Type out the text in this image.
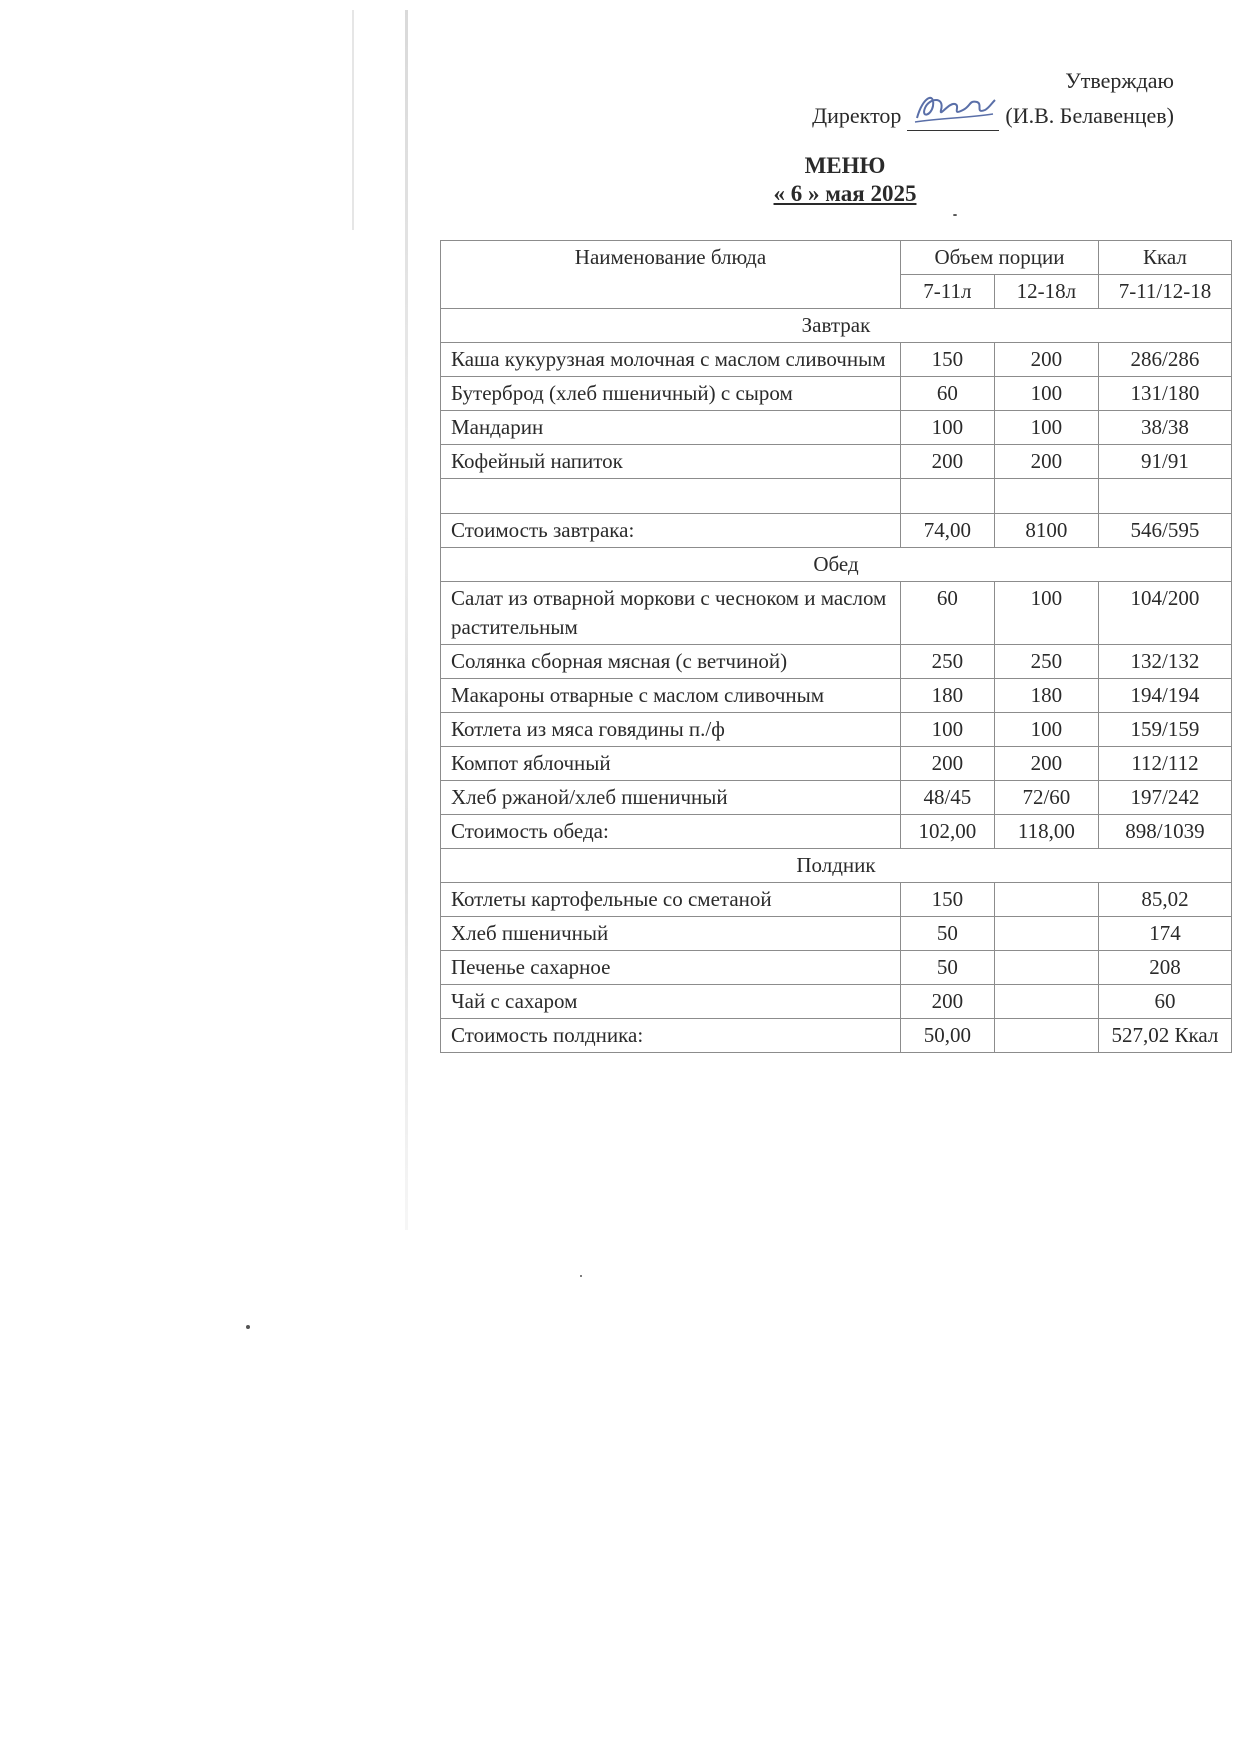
Утверждаю
Директор	(И.В. Белавенцев)
МЕНЮ
« 6 » мая 2025
Наименование блюда	Объем порции		Ккал
	7-11л	12-18л	7-11/12-18
Завтрак			
Каша кукурузная молочная с маслом сливочным	150	200	286/286
Бутерброд (хлеб пшеничный) с сыром	60	100	131/180
Мандарин	100	100	38/38
Кофейный напиток	200	200	91/91

Стоимость завтрака:	74,00	8100	546/595
Обед			
Салат из отварной моркови с чесноком и маслом растительным	60	100	104/200
Солянка сборная мясная (с ветчиной)	250	250	132/132
Макароны отварные с маслом сливочным	180	180	194/194
Котлета из мяса говядины п./ф	100	100	159/159
Компот яблочный	200	200	112/112
Хлеб ржаной/хлеб пшеничный	48/45	72/60	197/242
Стоимость обеда:	102,00	118,00	898/1039
Полдник			
Котлеты картофельные со сметаной	150		85,02
Хлеб пшеничный	50		174
Печенье сахарное	50		208
Чай с сахаром	200		60
Стоимость полдника:	50,00		527,02 Ккал
